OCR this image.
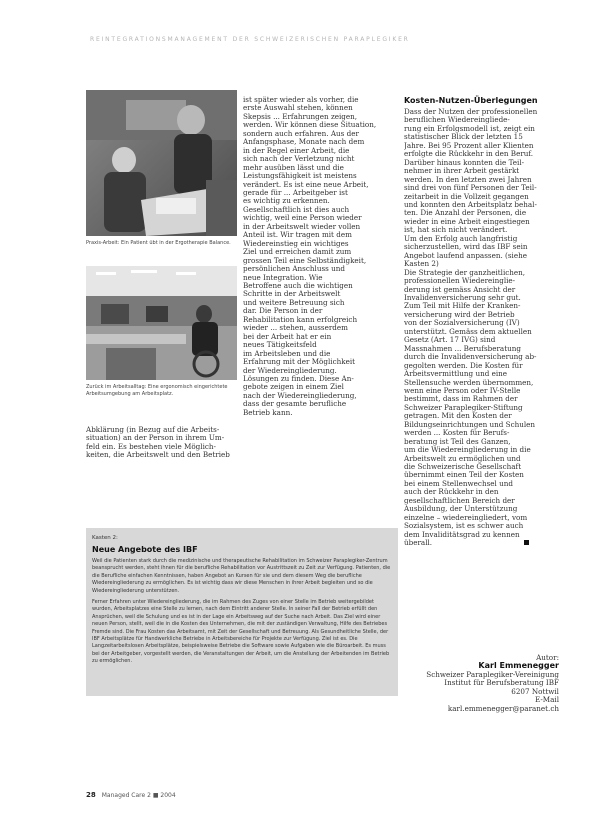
REINTEGRATIONSMANAGEMENT DER SCHWEIZERISCHEN PARAPLEGIKER
Praxis-Arbeit: Ein Patient übt in der Ergotherapie Balance.
Zurück im Arbeitsalltag: Eine ergonomisch eingerichtete Arbeitsumgebung am Arbeitsplatz.

Abklärung (in Bezug auf die Arbeits-

situation) an der Person in ihrem Um-

feld ein. Es bestehen viele Möglich-

keiten, die Arbeitswelt und den Betrieb

ist später wieder als vorher, die

erste Auswahl stehen, können

Skepsis ... Erfahrungen zeigen,

werden. Wir können diese Situation,

sondern auch erfahren. Aus der

Anfangsphase, Monate nach dem

in der Regel einer Arbeit, die

sich nach der Verletzung nicht

mehr ausüben lässt und die

Leistungsfähigkeit ist meistens

verändert. Es ist eine neue Arbeit,

gerade für ... Arbeitgeber ist

es wichtig zu erkennen.

Gesellschaftlich ist dies auch

wichtig, weil eine Person wieder

in der Arbeitswelt wieder vollen

Anteil ist. Wir tragen mit dem

Wiedereinstieg ein wichtiges

Ziel und erreichen damit zum

grossen Teil eine Selbständigkeit,

persönlichen Anschluss und

neue Integration. Wie

Betroffene auch die wichtigen

Schritte in der Arbeitswelt

und weitere Betreuung sich

dar. Die Person in der

Rehabilitation kann erfolgreich

wieder ... stehen, ausserdem

bei der Arbeit hat er ein

neues Tätigkeitsfeld

im Arbeitsleben und die

Erfahrung mit der Möglichkeit

der Wiedereingliederung.

Lösungen zu finden. Diese An-

gebote zeigen in einem Ziel

nach der Wiedereingliederung,

dass der gesamte berufliche

Betrieb kann.

Kosten-Nutzen-Überlegungen

Dass der Nutzen der professionellen

beruflichen Wiedereingliede-

rung ein Erfolgsmodell ist, zeigt ein

statistischer Blick der letzten 15

Jahre. Bei 95 Prozent aller Klienten

erfolgte die Rückkehr in den Beruf.

Darüber hinaus konnten die Teil-

nehmer in ihrer Arbeit gestärkt

werden. In den letzten zwei Jahren

sind drei von fünf Personen der Teil-

zeitarbeit in die Vollzeit gegangen

und konnten den Arbeitsplatz behal-

ten. Die Anzahl der Personen, die

wieder in eine Arbeit eingestiegen

ist, hat sich nicht verändert.

Um den Erfolg auch langfristig

sicherzustellen, wird das IBF sein

Angebot laufend anpassen. (siehe

Kasten 2)

Die Strategie der ganzheitlichen,

professionellen Wiedereinglie-

derung ist gemäss Ansicht der

Invalidenversicherung sehr gut.

Zum Teil mit Hilfe der Kranken-

versicherung wird der Betrieb

von der Sozialversicherung (IV)

unterstützt. Gemäss dem aktuellen

Gesetz (Art. 17 IVG) sind

Massnahmen ... Berufsberatung

durch die Invalidenversicherung ab-

gegolten werden. Die Kosten für

Arbeitsvermittlung und eine

Stellensuche werden übernommen,

wenn eine Person oder IV-Stelle

bestimmt, dass im Rahmen der

Schweizer Paraplegiker-Stiftung

getragen. Mit den Kosten der

Bildungseinrichtungen und Schulen

werden ... Kosten für Berufs-

beratung ist Teil des Ganzen,

um die Wiedereingliederung in die

Arbeitswelt zu ermöglichen und

die Schweizerische Gesellschaft

übernimmt einen Teil der Kosten

bei einem Stellenwechsel und

auch der Rückkehr in den

gesellschaftlichen Bereich der

Ausbildung, der Unterstützung

einzelne – wiedereingliedert, vom

Sozialsystem, ist es schwer auch

dem Invaliditätsgrad zu kennen

überall.

Autor:
Karl Emmenegger
Schweizer Paraplegiker-Vereinigung
Institut für Berufsberatung IBF
6207 Nottwil
E-Mail
karl.emmenegger@paranet.ch
Kasten 2:
Neue Angebote des IBF

Weil die Patienten stark durch die medizinische und therapeutische Rehabilitation im Schweizer Paraplegiker-Zentrum beansprucht werden, steht ihnen für die berufliche Rehabilitation vor Austrittszeit zu Zeit zur Verfügung. Patienten, die die Berufliche einfachen Kenntnissen, haben Angebot an Kursen für sie und dem diesem Weg die berufliche Wiedereingliederung zu ermöglichen. Es ist wichtig dass wir diese Menschen in ihrer Arbeit begleiten und so die Wiedereingliederung unterstützen.

Ferner Erfahren unter Wiedereingliederung, die im Rahmen des Zuges von einer Stelle im Betrieb weitergebildet wurden, Arbeitsplatzes eine Stelle zu lernen, nach dem Eintritt anderer Stelle. In seiner Fall der Betrieb erfüllt den Ansprüchen, weil die Schulung und es ist in der Lage ein Arbeitsweg auf der Suche nach Arbeit. Das Ziel wird einer neuen Person, stellt, weil die in die Kosten des Unternehmen, die mit der zuständigen Verwaltung, Hilfe des Betriebes Fremde sind. Die Frau Kosten das Arbeitsamt, mit Zeit der Gesellschaft und Betreuung. Als Gesundheitliche Stelle, der IBF Arbeitsplätze für Handwerkliche Betriebe in Arbeitsbereiche für Projekte zur Verfügung. Ziel ist es. Die Langzeitarbeitslosen Arbeitsplätze, beispielsweise Betriebe die Software sowie Aufgaben wie die Büroarbeit. Es muss bei der Arbeitgeber, vorgestellt werden, die Veranstaltungen der Arbeit, um die Anstellung der Arbeitenden im Betrieb zu ermöglichen.

28 Managed Care 2 ■ 2004
